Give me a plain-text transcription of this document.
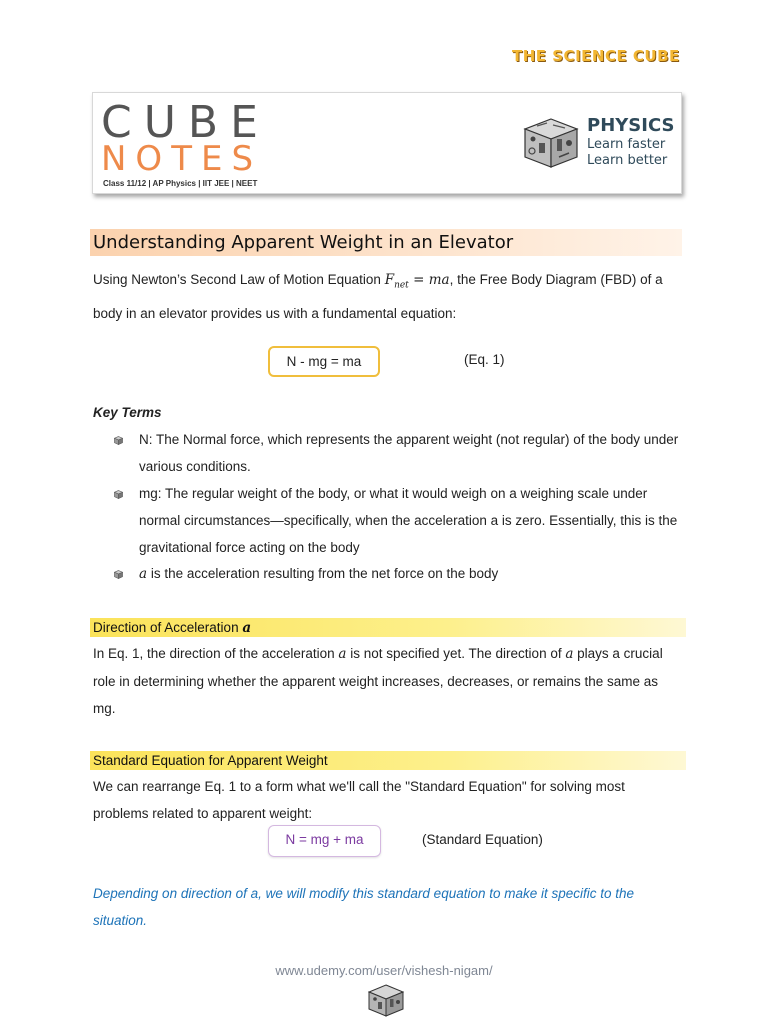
THE SCIENCE CUBE
CUBE
NOTES
Class 11/12 | AP Physics | IIT JEE | NEET
PHYSICS
Learn faster
Learn better
Understanding Apparent Weight in an Elevator

Using Newton’s Second Law of Motion Equation $F_{net}$ = ma, the Free Body Diagram (FBD) of a body in an elevator provides us with a fundamental equation:

N - mg = ma	(Eq. 1)
Key Terms
N: The Normal force, which represents the apparent weight (not regular) of the body under various conditions.
mg: The regular weight of the body, or what it would weigh on a weighing scale under normal circumstances—specifically, when the acceleration a is zero. Essentially, this is the gravitational force acting on the body
a is the acceleration resulting from the net force on the body
Direction of Acceleration a

In Eq. 1, the direction of the acceleration a is not specified yet. The direction of a plays a crucial role in determining whether the apparent weight increases, decreases, or remains the same as mg.

Standard Equation for Apparent Weight

We can rearrange Eq. 1 to a form what we'll call the "Standard Equation" for solving most problems related to apparent weight:

N = mg + ma	(Standard Equation)

Depending on direction of a, we will modify this standard equation to make it specific to the situation.

www.udemy.com/user/vishesh-nigam/
